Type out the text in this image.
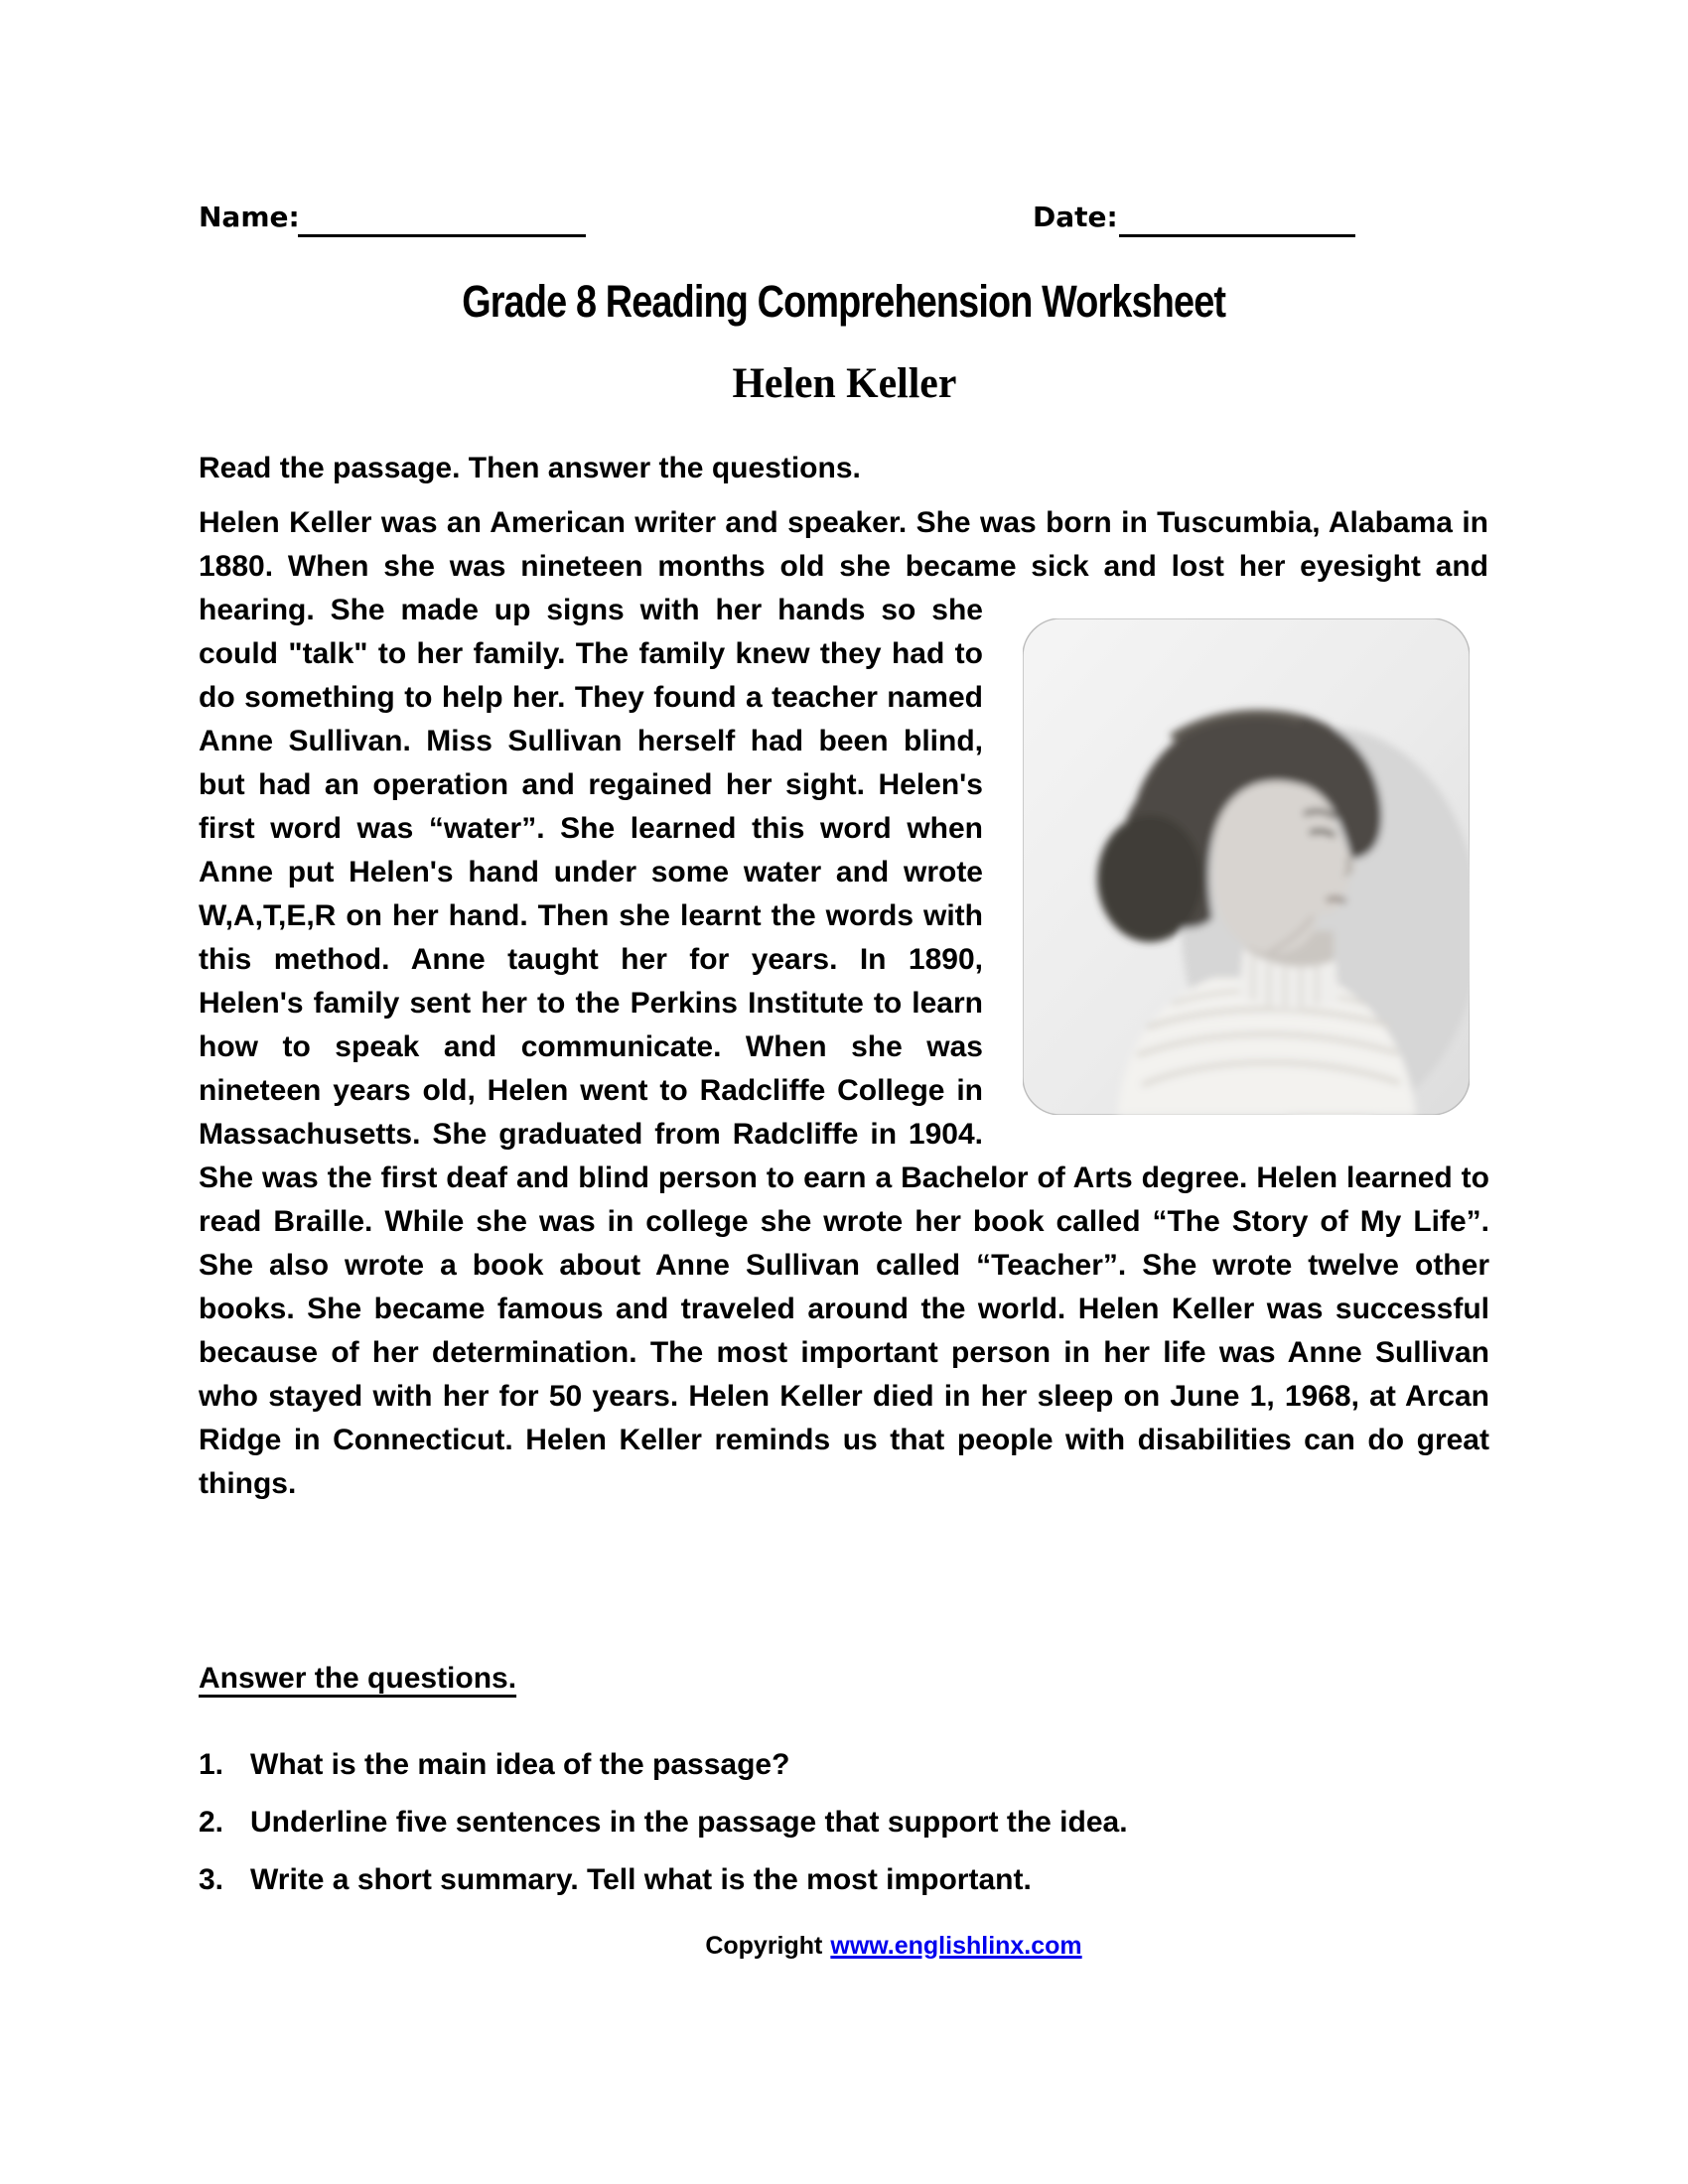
Name:	Date:
Grade 8 Reading Comprehension Worksheet
Helen Keller
Read the passage. Then answer the questions.
Helen Keller was an American writer and speaker. She was born in Tuscumbia, Alabama in 1880. When she was nineteen months old she became sick and lost her eyesight and hearing. She made up signs with her hands so she could "talk" to her family. The family knew they had to do something to help her. They found a teacher named Anne Sullivan. Miss Sullivan herself had been blind, but had an operation and regained her sight. Helen's first word was “water”. She learned this word when Anne put Helen's hand under some water and wrote W,A,T,E,R on her hand. Then she learnt the words with this method. Anne taught her for years. In 1890, Helen's family sent her to the Perkins Institute to learn how to speak and communicate. When she was nineteen years old, Helen went to Radcliffe College in Massachusetts. She graduated from Radcliffe in 1904. She was the first deaf and blind person to earn a Bachelor of Arts degree. Helen learned to read Braille. While she was in college she wrote her book called “The Story of My Life”. She also wrote a book about Anne Sullivan called “Teacher”. She wrote twelve other books. She became famous and traveled around the world. Helen Keller was successful because of her determination. The most important person in her life was Anne Sullivan who stayed with her for 50 years. Helen Keller died in her sleep on June 1, 1968, at Arcan Ridge in Connecticut. Helen Keller reminds us that people with disabilities can do great things.
Answer the questions.
1. What is the main idea of the passage?
2. Underline five sentences in the passage that support the idea.
3. Write a short summary. Tell what is the most important.
Copyright www.englishlinx.com
